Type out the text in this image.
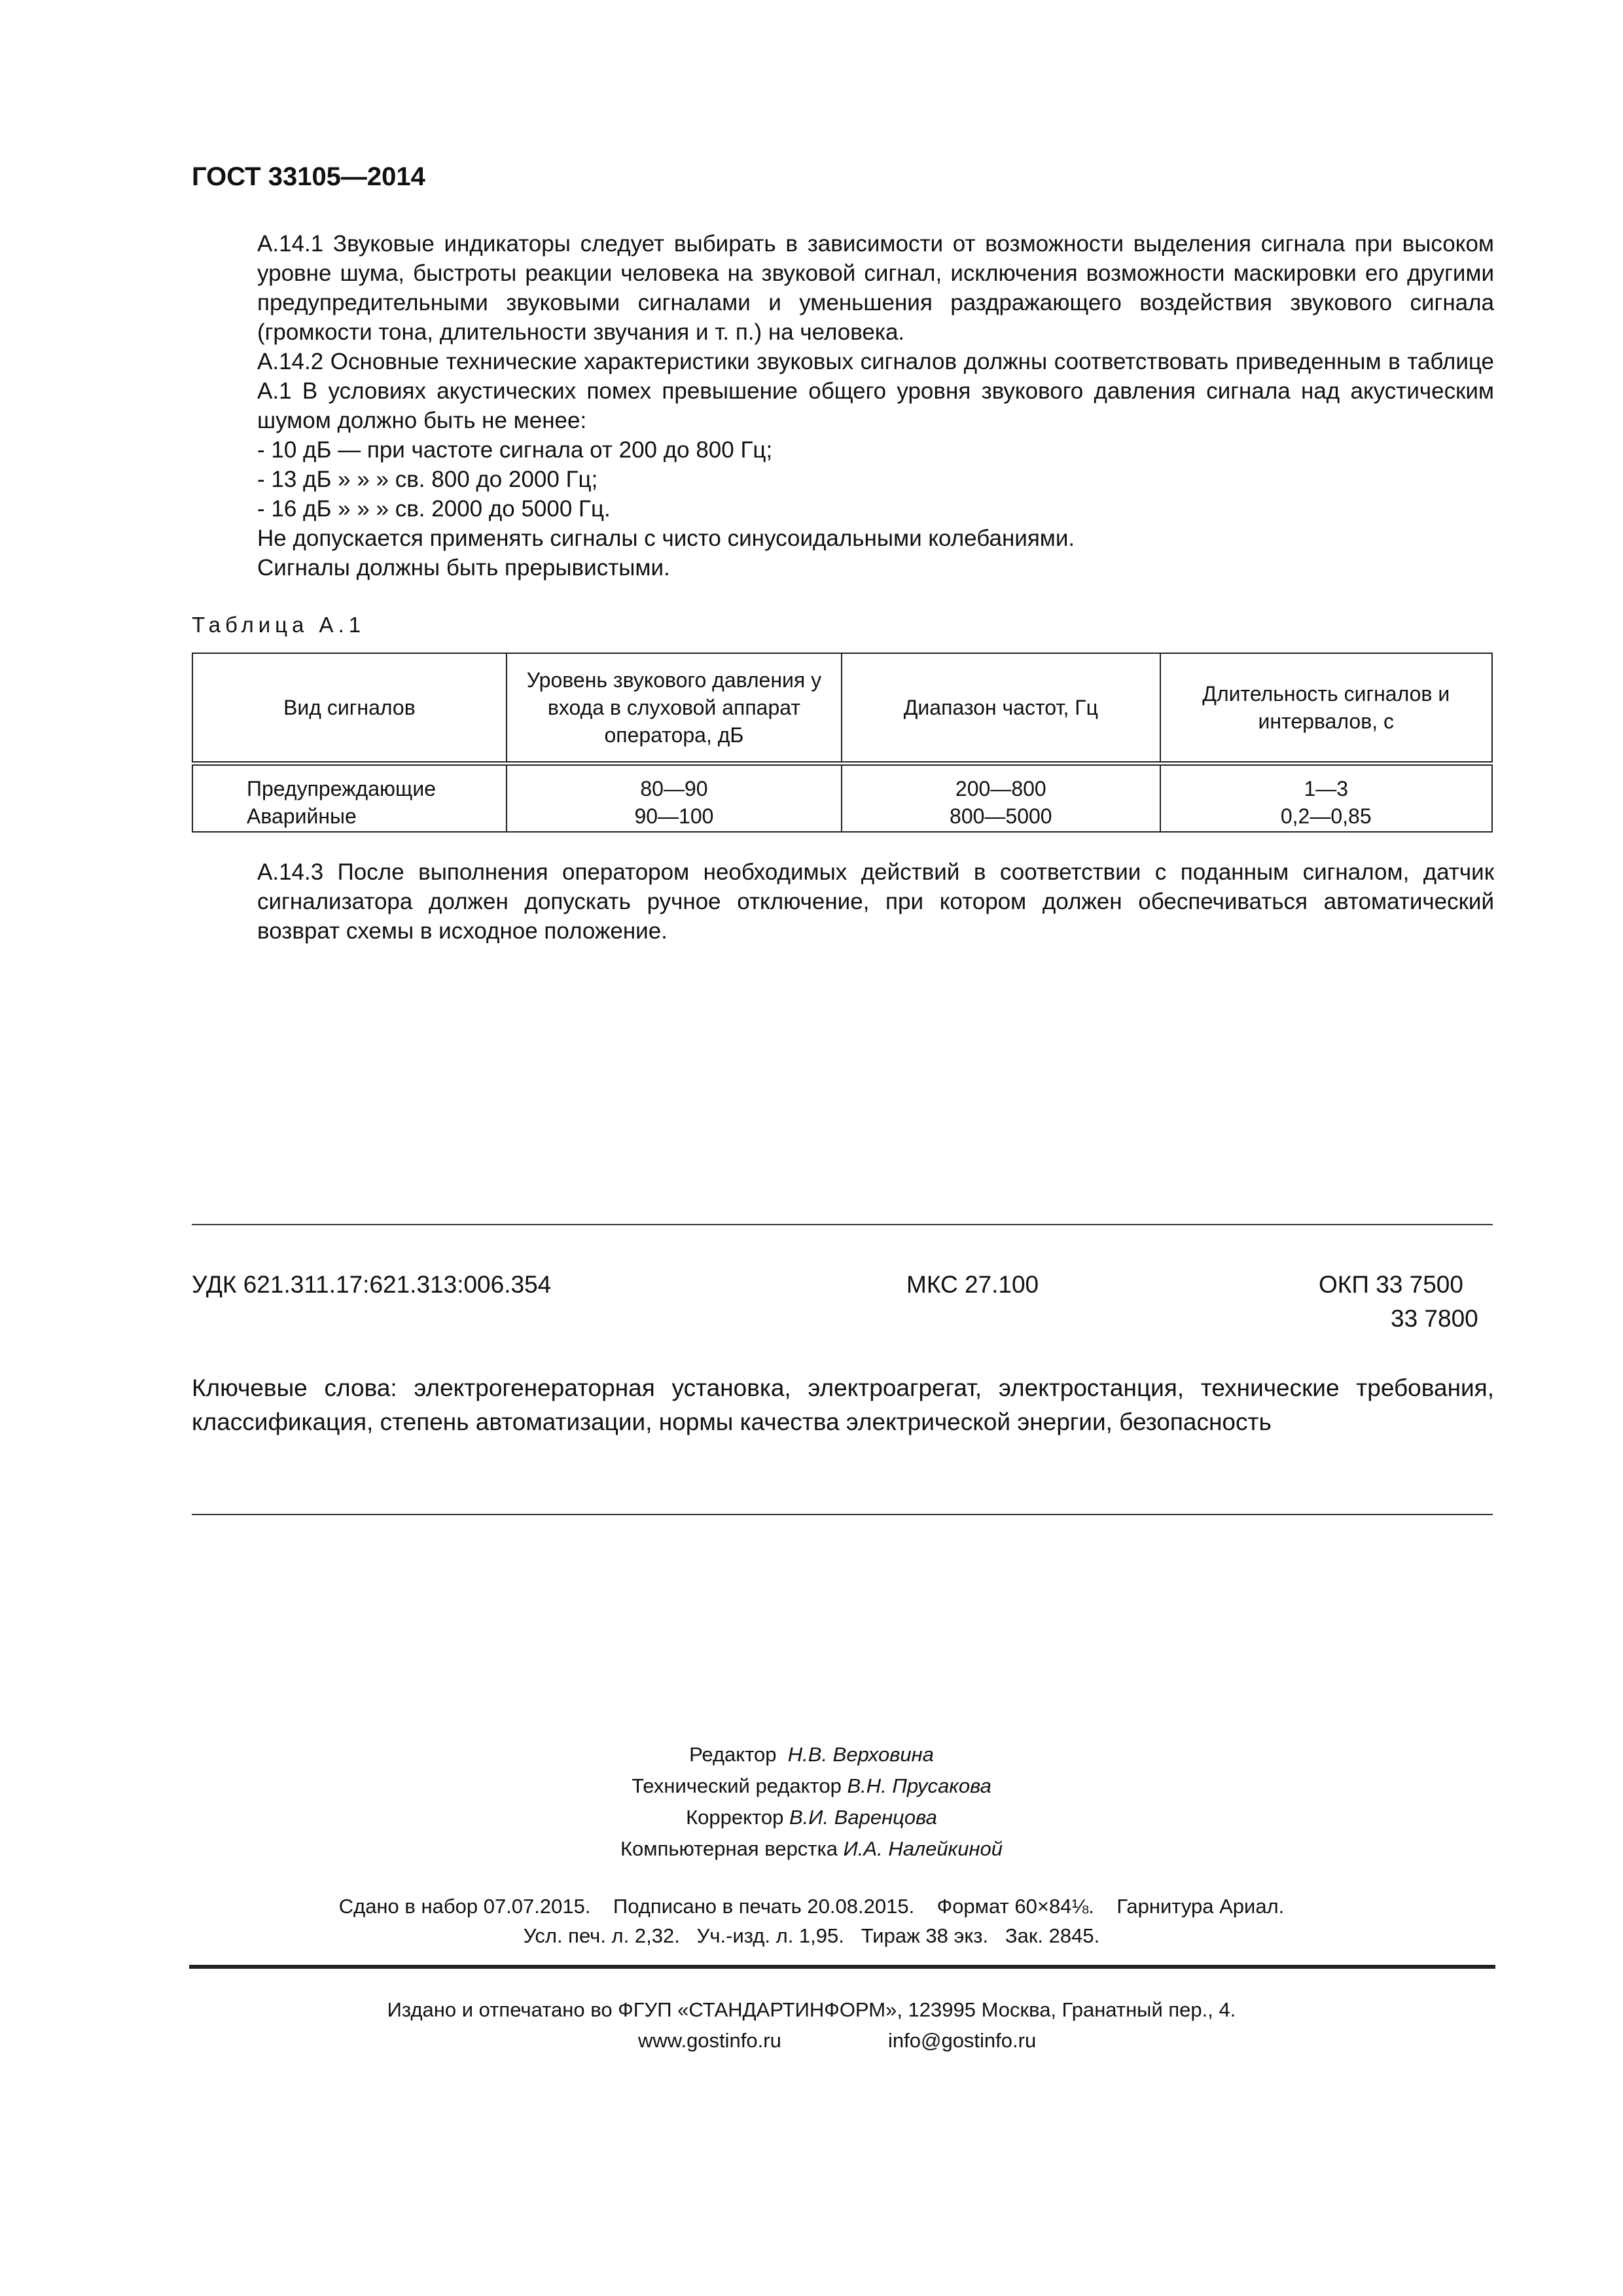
ГОСТ 33105—2014
А.14.1 Звуковые индикаторы следует выбирать в зависимости от возможности выделения сигнала при высоком уровне шума, быстроты реакции человека на звуковой сигнал, исключения возможности маскировки его другими предупредительными звуковыми сигналами и уменьшения раздражающего воздействия звукового сигнала (громкости тона, длительности звучания и т. п.) на человека.
А.14.2 Основные технические характеристики звуковых сигналов должны соответствовать приведенным в таблице А.1 В условиях акустических помех превышение общего уровня звукового давления сигнала над акустическим шумом должно быть не менее:
- 10 дБ — при частоте сигнала от 200 до 800 Гц;
- 13 дБ » » » св. 800 до 2000 Гц;
- 16 дБ » » » св. 2000 до 5000 Гц.
Не допускается применять сигналы с чисто синусоидальными колебаниями.
Сигналы должны быть прерывистыми.
Таблица А.1
Вид сигналов	Уровень звукового давления у входа в слуховой аппарат оператора, дБ	Диапазон частот, Гц	Длительность сигналов и интервалов, с
Предупреждающие	80—90	200—800	1—3
Аварийные	90—100	800—5000	0,2—0,85
А.14.3 После выполнения оператором необходимых действий в соответствии с поданным сигналом, датчик сигнализатора должен допускать ручное отключение, при котором должен обеспечиваться автоматический возврат схемы в исходное положение.
УДК 621.311.17:621.313:006.354	МКС 27.100	ОКП 33 7500
33 7800
Ключевые слова: электрогенераторная установка, электроагрегат, электростанция, технические требования, классификация, степень автоматизации, нормы качества электрической энергии, безопасность
Редактор Н.В. Верховина
Технический редактор В.Н. Прусакова
Корректор В.И. Варенцова
Компьютерная верстка И.А. Налейкиной
Сдано в набор 07.07.2015.    Подписано в печать 20.08.2015.    Формат 60×84⅛.    Гарнитура Ариал.
Усл. печ. л. 2,32.   Уч.-изд. л. 1,95.   Тираж 38 экз.   Зак. 2845.
Издано и отпечатано во ФГУП «СТАНДАРТИНФОРМ», 123995 Москва, Гранатный пер., 4.
www.gostinfo.ru	info@gostinfo.ru
